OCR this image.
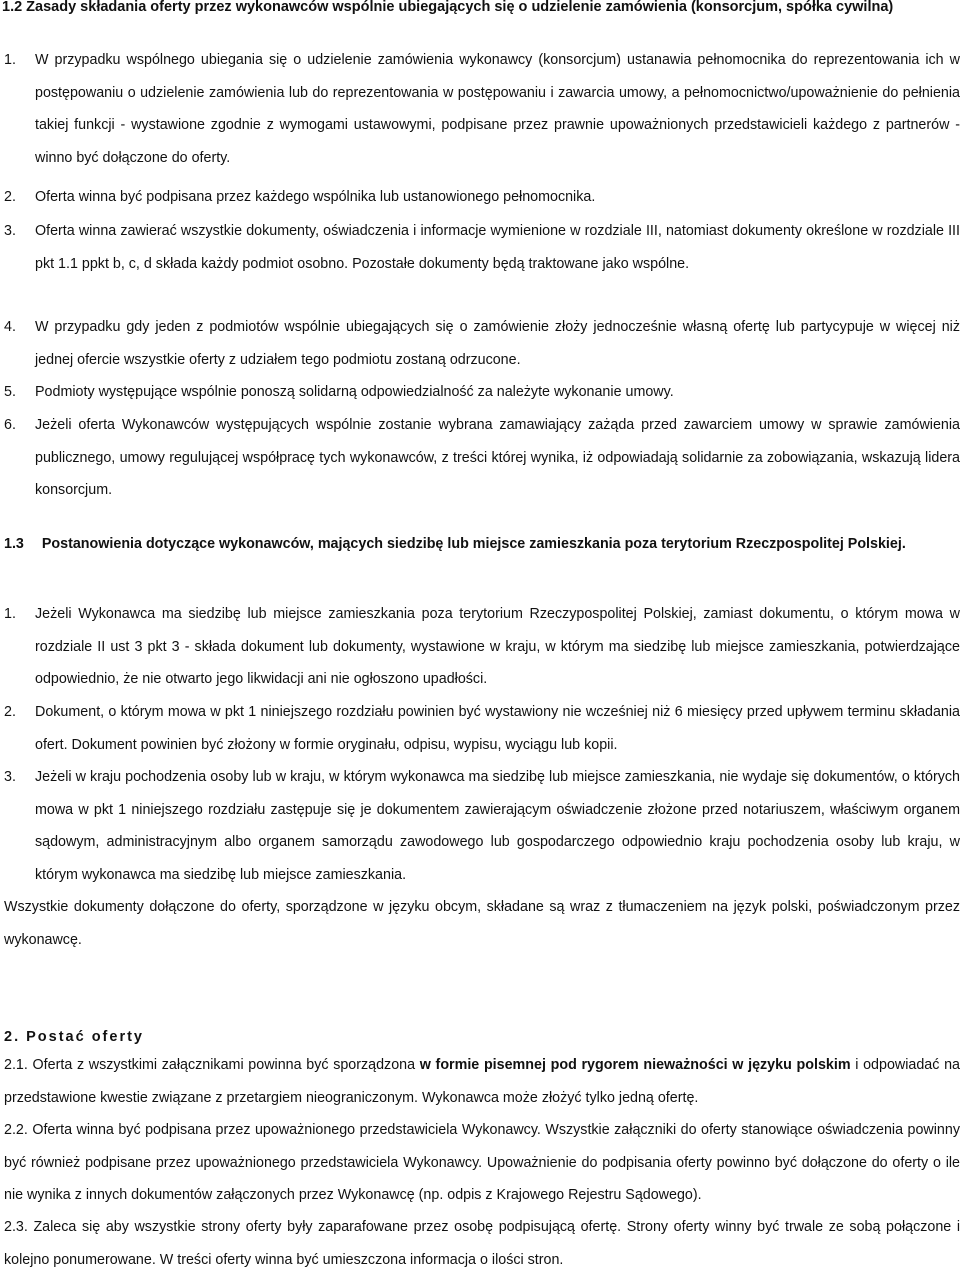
1.2 Zasady składania oferty przez wykonawców wspólnie ubiegających się o udzielenie zamówienia (konsorcjum, spółka cywilna)
1. W przypadku wspólnego ubiegania się o udzielenie zamówienia wykonawcy (konsorcjum) ustanawia pełnomocnika do reprezentowania ich w postępowaniu o udzielenie zamówienia lub do reprezentowania w postępowaniu i zawarcia umowy, a pełnomocnictwo/upoważnienie do pełnienia takiej funkcji - wystawione zgodnie z wymogami ustawowymi, podpisane przez prawnie upoważnionych przedstawicieli każdego z partnerów - winno być dołączone do oferty.
2. Oferta winna być podpisana przez każdego wspólnika lub ustanowionego pełnomocnika.
3. Oferta winna zawierać wszystkie dokumenty, oświadczenia i informacje wymienione w rozdziale III, natomiast dokumenty określone w rozdziale III pkt 1.1 ppkt b, c, d składa każdy podmiot osobno. Pozostałe dokumenty będą traktowane jako wspólne.
4. W przypadku gdy jeden z podmiotów wspólnie ubiegających się o zamówienie złoży jednocześnie własną ofertę lub partycypuje w więcej niż jednej ofercie wszystkie oferty z udziałem tego podmiotu zostaną odrzucone.
5. Podmioty występujące wspólnie ponoszą solidarną odpowiedzialność za należyte wykonanie umowy.
6. Jeżeli oferta Wykonawców występujących wspólnie zostanie wybrana zamawiający zażąda przed zawarciem umowy w sprawie zamówienia publicznego, umowy regulującej współpracę tych wykonawców, z treści której wynika, iż odpowiadają solidarnie za zobowiązania, wskazują lidera konsorcjum.
1.3 Postanowienia dotyczące wykonawców, mających siedzibę lub miejsce zamieszkania poza terytorium Rzeczpospolitej Polskiej.
1. Jeżeli Wykonawca ma siedzibę lub miejsce zamieszkania poza terytorium Rzeczypospolitej Polskiej, zamiast dokumentu, o którym mowa w rozdziale II ust 3 pkt 3 - składa dokument lub dokumenty, wystawione w kraju, w którym ma siedzibę lub miejsce zamieszkania, potwierdzające odpowiednio, że nie otwarto jego likwidacji ani nie ogłoszono upadłości.
2. Dokument, o którym mowa w pkt 1 niniejszego rozdziału powinien być wystawiony nie wcześniej niż 6 miesięcy przed upływem terminu składania ofert. Dokument powinien być złożony w formie oryginału, odpisu, wypisu, wyciągu lub kopii.
3. Jeżeli w kraju pochodzenia osoby lub w kraju, w którym wykonawca ma siedzibę lub miejsce zamieszkania, nie wydaje się dokumentów, o których mowa w pkt 1 niniejszego rozdziału zastępuje się je dokumentem zawierającym oświadczenie złożone przed notariuszem, właściwym organem sądowym, administracyjnym albo organem samorządu zawodowego lub gospodarczego odpowiednio kraju pochodzenia osoby lub kraju, w którym wykonawca ma siedzibę lub miejsce zamieszkania.
Wszystkie dokumenty dołączone do oferty, sporządzone w języku obcym, składane są wraz z tłumaczeniem na język polski, poświadczonym przez wykonawcę.
2. Postać oferty
2.1. Oferta z wszystkimi załącznikami powinna być sporządzona w formie pisemnej pod rygorem nieważności w języku polskim i odpowiadać na przedstawione kwestie związane z przetargiem nieograniczonym. Wykonawca może złożyć tylko jedną ofertę.
2.2. Oferta winna być podpisana przez upoważnionego przedstawiciela Wykonawcy. Wszystkie załączniki do oferty stanowiące oświadczenia powinny być również podpisane przez upoważnionego przedstawiciela Wykonawcy. Upoważnienie do podpisania oferty powinno być dołączone do oferty o ile nie wynika z innych dokumentów załączonych przez Wykonawcę (np. odpis z Krajowego Rejestru Sądowego).
2.3. Zaleca się aby wszystkie strony oferty były zaparafowane przez osobę podpisującą ofertę. Strony oferty winny być trwale ze sobą połączone i kolejno ponumerowane. W treści oferty winna być umieszczona informacja o ilości stron.
